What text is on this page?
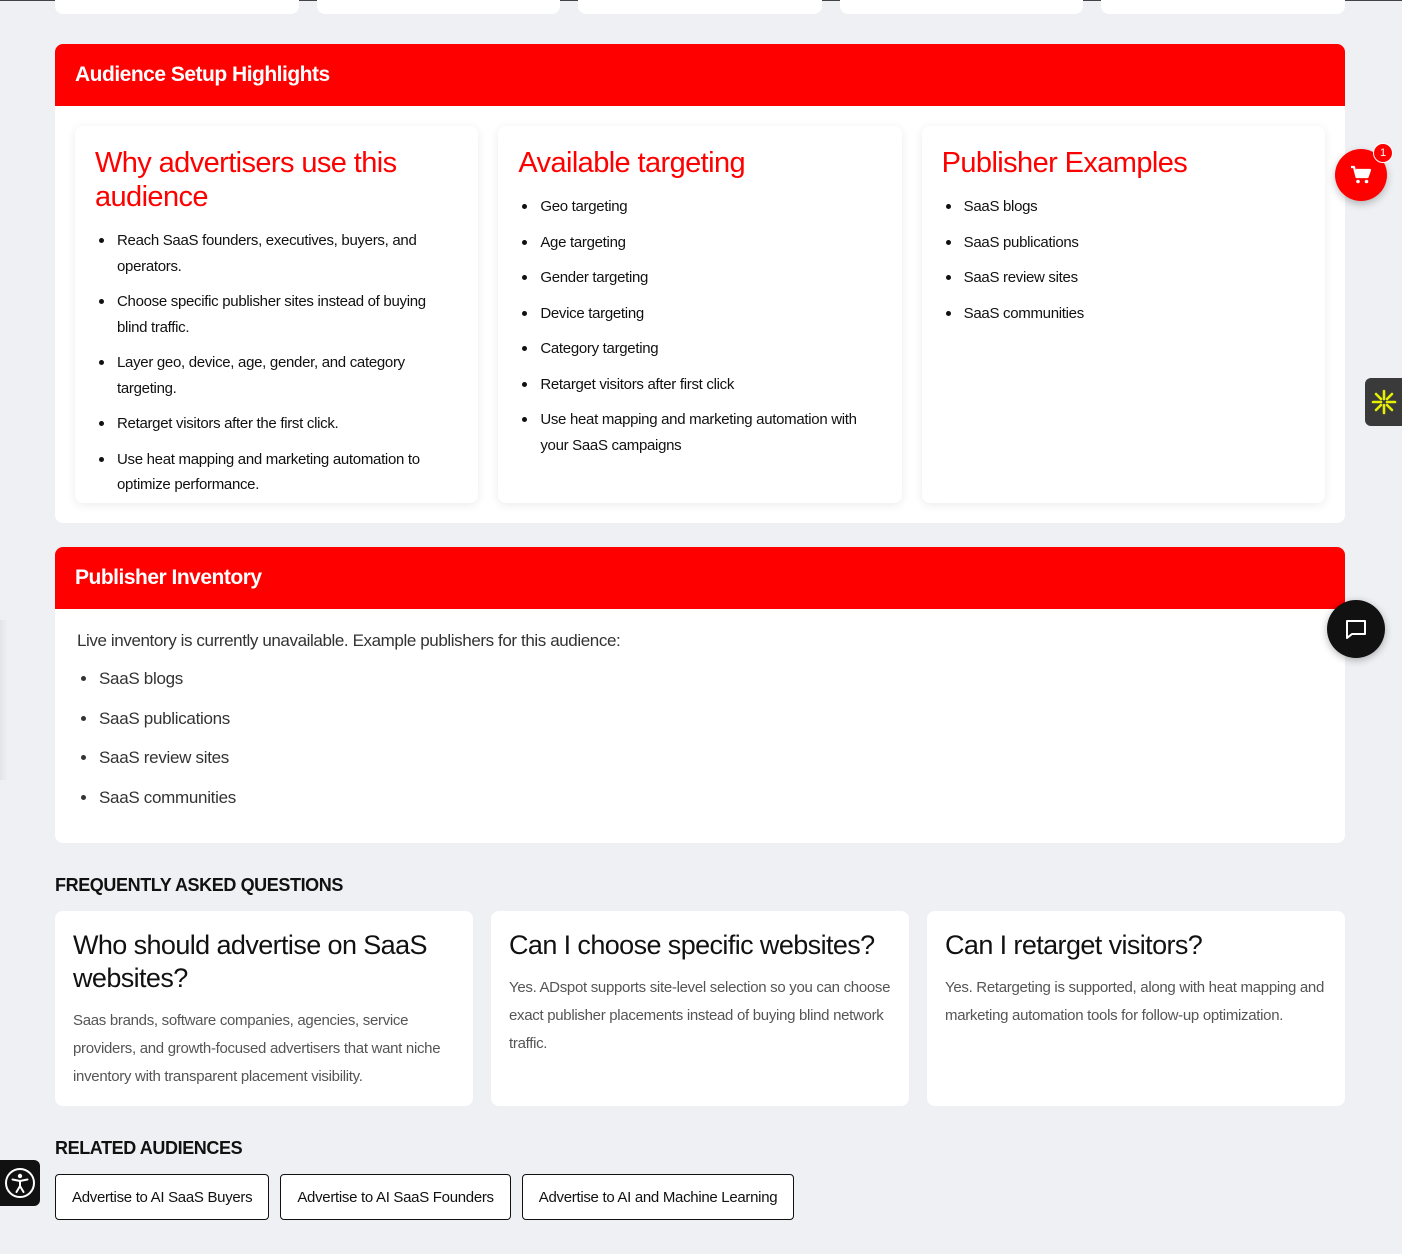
Audience Setup Highlights
Why advertisers use this audience
Reach SaaS founders, executives, buyers, and operators.
Choose specific publisher sites instead of buying blind traffic.
Layer geo, device, age, gender, and category targeting.
Retarget visitors after the first click.
Use heat mapping and marketing automation to optimize performance.
Available targeting
Geo targeting
Age targeting
Gender targeting
Device targeting
Category targeting
Retarget visitors after first click
Use heat mapping and marketing automation with your SaaS campaigns
Publisher Examples
SaaS blogs
SaaS publications
SaaS review sites
SaaS communities
Publisher Inventory

Live inventory is currently unavailable. Example publishers for this audience:

SaaS blogs
SaaS publications
SaaS review sites
SaaS communities
FREQUENTLY ASKED QUESTIONS
Who should advertise on SaaS websites?

Saas brands, software companies, agencies, service providers, and growth-focused advertisers that want niche inventory with transparent placement visibility.

Can I choose specific websites?

Yes. ADspot supports site-level selection so you can choose exact publisher placements instead of buying blind network traffic.

Can I retarget visitors?

Yes. Retargeting is supported, along with heat mapping and marketing automation tools for follow-up optimization.

RELATED AUDIENCES
Advertise to AI SaaS Buyers	Advertise to AI SaaS Founders	Advertise to AI and Machine Learning
1
